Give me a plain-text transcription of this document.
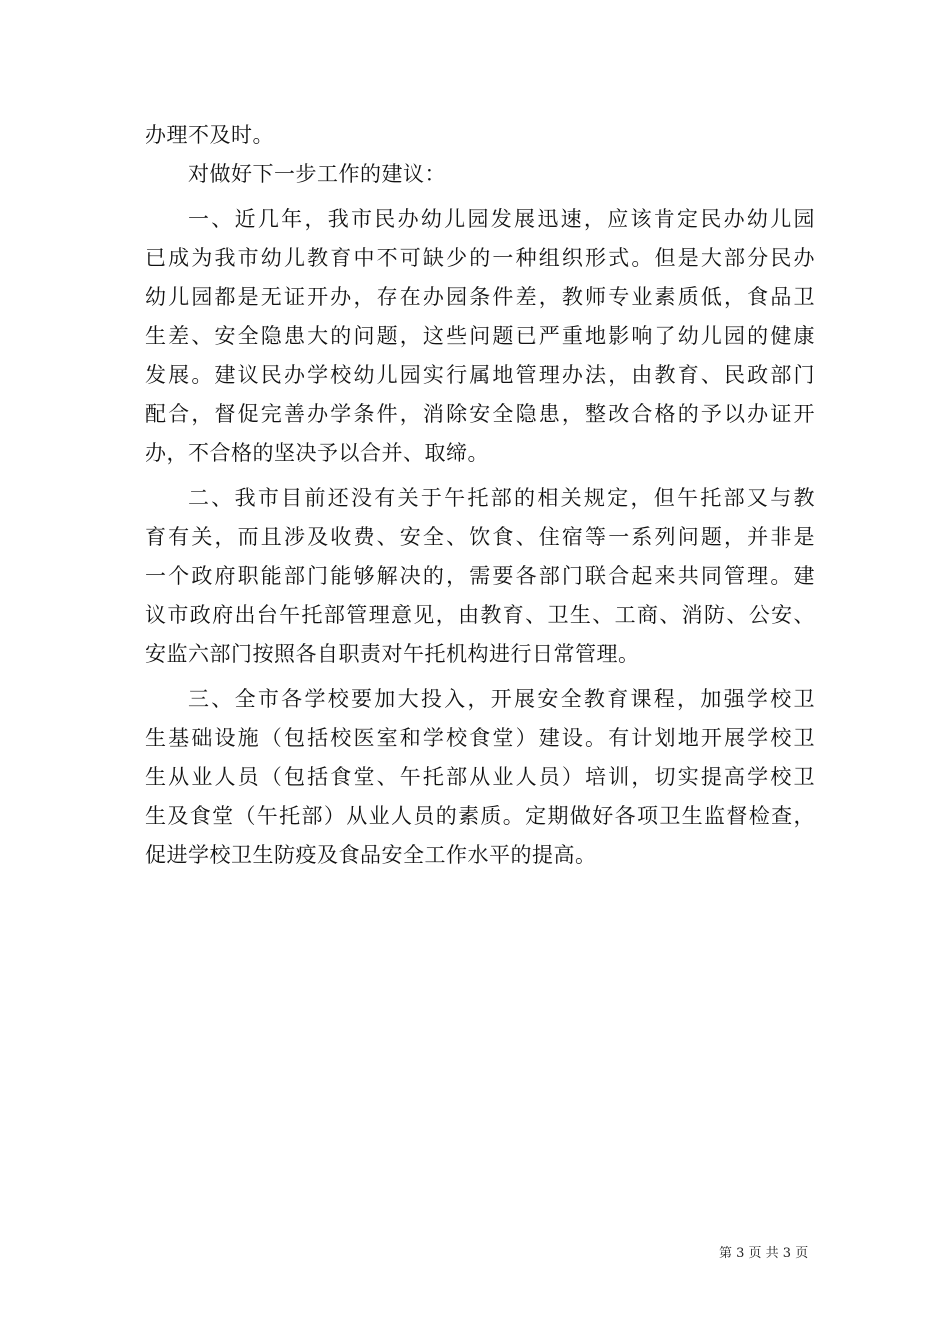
办理不及时。
对做好下一步工作的建议：
一、近几年，我市民办幼儿园发展迅速，应该肯定民办幼儿园
已成为我市幼儿教育中不可缺少的一种组织形式。但是大部分民办
幼儿园都是无证开办，存在办园条件差，教师专业素质低，食品卫
生差、安全隐患大的问题，这些问题已严重地影响了幼儿园的健康
发展。建议民办学校幼儿园实行属地管理办法，由教育、民政部门
配合，督促完善办学条件，消除安全隐患，整改合格的予以办证开
办，不合格的坚决予以合并、取缔。
二、我市目前还没有关于午托部的相关规定，但午托部又与教
育有关，而且涉及收费、安全、饮食、住宿等一系列问题，并非是
一个政府职能部门能够解决的，需要各部门联合起来共同管理。建
议市政府出台午托部管理意见，由教育、卫生、工商、消防、公安、
安监六部门按照各自职责对午托机构进行日常管理。
三、全市各学校要加大投入，开展安全教育课程，加强学校卫
生基础设施（包括校医室和学校食堂）建设。有计划地开展学校卫
生从业人员（包括食堂、午托部从业人员）培训，切实提高学校卫
生及食堂（午托部）从业人员的素质。定期做好各项卫生监督检查，
促进学校卫生防疫及食品安全工作水平的提高。
第 3 页 共 3 页
